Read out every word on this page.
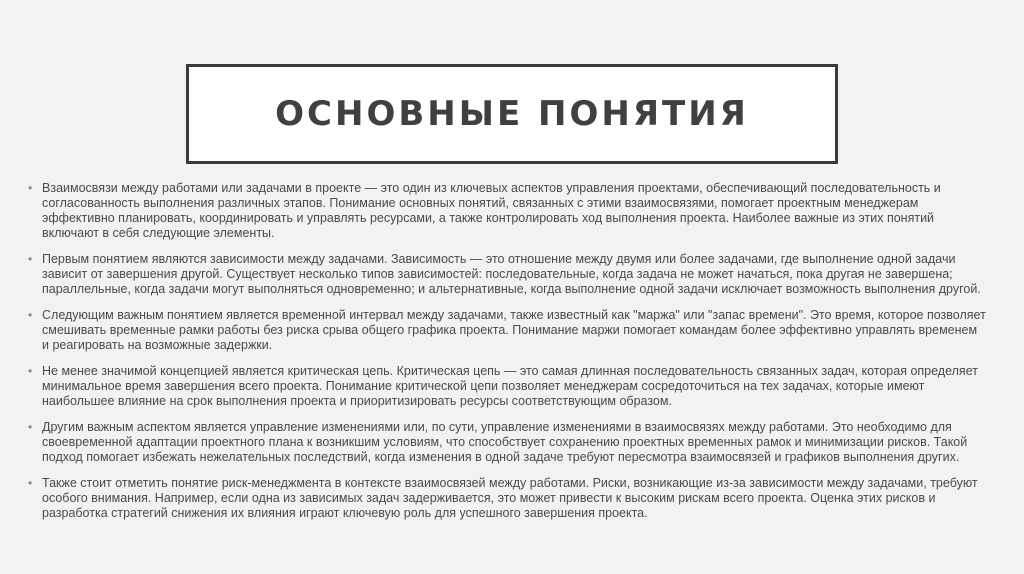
ОСНОВНЫЕ ПОНЯТИЯ
• Взаимосвязи между работами или задачами в проекте — это один из ключевых аспектов управления проектами, обеспечивающий последовательность и согласованность выполнения различных этапов. Понимание основных понятий, связанных с этими взаимосвязями, помогает проектным менеджерам эффективно планировать, координировать и управлять ресурсами, а также контролировать ход выполнения проекта. Наиболее важные из этих понятий включают в себя следующие элементы.
• Первым понятием являются зависимости между задачами. Зависимость — это отношение между двумя или более задачами, где выполнение одной задачи зависит от завершения другой. Существует несколько типов зависимостей: последовательные, когда задача не может начаться, пока другая не завершена; параллельные, когда задачи могут выполняться одновременно; и альтернативные, когда выполнение одной задачи исключает возможность выполнения другой.
• Следующим важным понятием является временной интервал между задачами, также известный как "маржа" или "запас времени". Это время, которое позволяет смешивать временные рамки работы без риска срыва общего графика проекта. Понимание маржи помогает командам более эффективно управлять временем и реагировать на возможные задержки.
• Не менее значимой концепцией является критическая цепь. Критическая цепь — это самая длинная последовательность связанных задач, которая определяет минимальное время завершения всего проекта. Понимание критической цепи позволяет менеджерам сосредоточиться на тех задачах, которые имеют наибольшее влияние на срок выполнения проекта и приоритизировать ресурсы соответствующим образом.
• Другим важным аспектом является управление изменениями или, по сути, управление изменениями в взаимосвязях между работами. Это необходимо для своевременной адаптации проектного плана к возникшим условиям, что способствует сохранению проектных временных рамок и минимизации рисков. Такой подход помогает избежать нежелательных последствий, когда изменения в одной задаче требуют пересмотра взаимосвязей и графиков выполнения других.
• Также стоит отметить понятие риск-менеджмента в контексте взаимосвязей между работами. Риски, возникающие из-за зависимости между задачами, требуют особого внимания. Например, если одна из зависимых задач задерживается, это может привести к высоким рискам всего проекта. Оценка этих рисков и разработка стратегий снижения их влияния играют ключевую роль для успешного завершения проекта.
